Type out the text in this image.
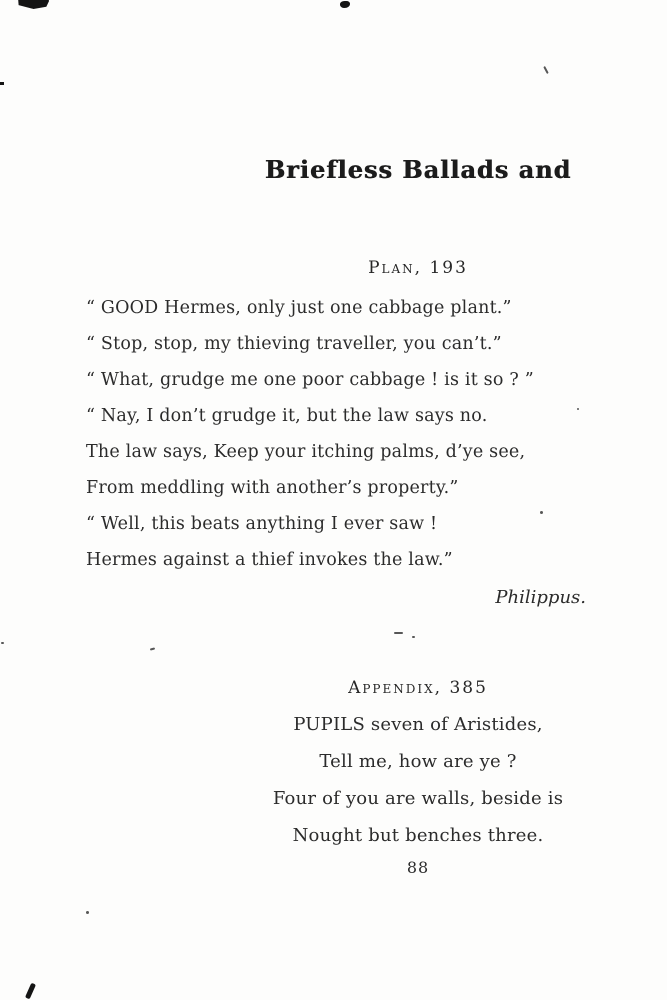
Briefless Ballads and
Plan, 193

“ GOOD Hermes, only just one cabbage plant.”

“ Stop, stop, my thieving traveller, you can’t.”

“ What, grudge me one poor cabbage ! is it so ? ”

“ Nay, I don’t grudge it, but the law says no.

The law says, Keep your itching palms, d’ye see,

From meddling with another’s property.”

“ Well, this beats anything I ever saw !

Hermes against a thief invokes the law.”

Philippus.
Appendix, 385

PUPILS seven of Aristides,

Tell me, how are ye ?

Four of you are walls, beside is

Nought but benches three.

88
